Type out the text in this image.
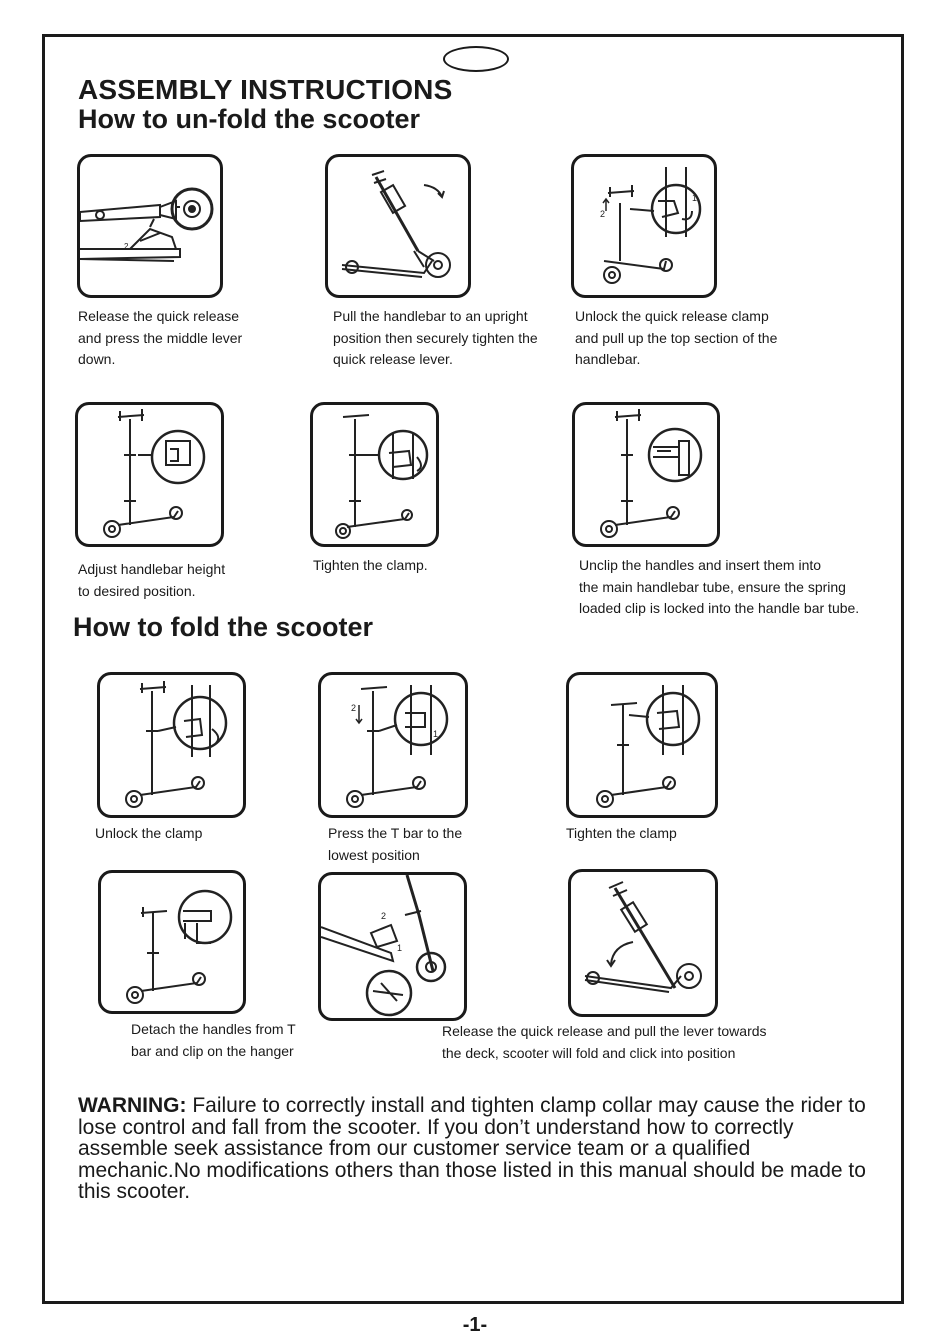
ASSEMBLY INSTRUCTIONS
How to un-fold the scooter
2
2
1

Release the quick release
and press the middle lever
down.

Pull the handlebar to an upright
position then securely tighten the
quick release lever.

Unlock the quick release clamp
and pull up the top section of the
handlebar.

Adjust handlebar height
to desired position.

Tighten the clamp.	Unclip the handles and insert them into
the main handlebar tube, ensure the spring
loaded clip is locked into the handle bar tube.

How to fold the scooter
2
1

Unlock the clamp	Press the T bar to the
lowest position

Tighten the clamp

2
1

Detach the handles from T
bar and clip on the hanger

Release the quick release and pull the lever towards
the deck, scooter will fold and click into position

WARNING: Failure to correctly install and tighten clamp collar may cause the rider to lose control and fall from the scooter. If you don’t understand how to correctly assemble seek assistance from our customer service team or a qualified mechanic.No modifications others than those listed in this manual should be made to this scooter.

-1-
